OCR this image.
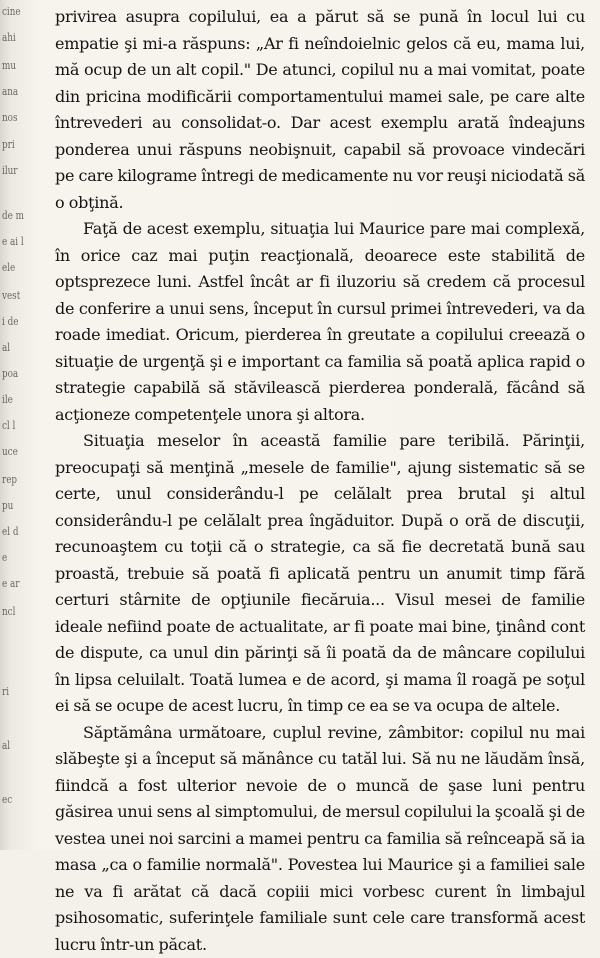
cine
ahi
mu
ana
nos
pri
ilur
de m
e ai l
ele
vest
i de
al
poa
ile
cl l
uce
rep
pu
el d
e
e ar
ncl
ri
al
ec

privirea asupra copilului, ea a părut să se pună în locul lui cu empatie şi mi-a răspuns: „Ar fi neîndoielnic gelos că eu, mama lui, mă ocup de un alt copil." De atunci, copilul nu a mai vomitat, poate din pricina modificării comportamentului mamei sale, pe care alte întrevederi au consolidat-o. Dar acest exemplu arată îndeajuns ponderea unui răspuns neobişnuit, capabil să provoace vindecări pe care kilograme întregi de medicamente nu vor reuşi niciodată să o obţină.

Faţă de acest exemplu, situaţia lui Maurice pare mai complexă, în orice caz mai puţin reacţională, deoarece este stabilită de optsprezece luni. Astfel încât ar fi iluzoriu să credem că procesul de conferire a unui sens, început în cursul primei întrevederi, va da roade imediat. Oricum, pierderea în greutate a copilului creează o situaţie de urgenţă şi e important ca familia să poată aplica rapid o strategie capabilă să stăvilească pierderea ponderală, făcând să acţioneze competenţele unora şi altora.

Situaţia meselor în această familie pare teribilă. Părinţii, preocupaţi să menţină „mesele de familie", ajung sistematic să se certe, unul considerându-l pe celălalt prea brutal şi altul considerându-l pe celălalt prea îngăduitor. După o oră de discuţii, recunoaştem cu toţii că o strategie, ca să fie decretată bună sau proastă, trebuie să poată fi aplicată pentru un anumit timp fără certuri stârnite de opţiunile fiecăruia... Visul mesei de familie ideale nefiind poate de actualitate, ar fi poate mai bine, ţinând cont de dispute, ca unul din părinţi să îi poată da de mâncare copilului în lipsa celuilalt. Toată lumea e de acord, şi mama îl roagă pe soţul ei să se ocupe de acest lucru, în timp ce ea se va ocupa de altele.

Săptămâna următoare, cuplul revine, zâmbitor: copilul nu mai slăbeşte şi a început să mănânce cu tatăl lui. Să nu ne lăudăm însă, fiindcă a fost ulterior nevoie de o muncă de şase luni pentru găsirea unui sens al simptomului, de mersul copilului la şcoală şi de vestea unei noi sarcini a mamei pentru ca familia să reînceapă să ia masa „ca o familie normală". Povestea lui Maurice şi a familiei sale ne va fi arătat că dacă copiii mici vorbesc curent în limbajul psihosomatic, suferinţele familiale sunt cele care transformă acest lucru într-un păcat.
